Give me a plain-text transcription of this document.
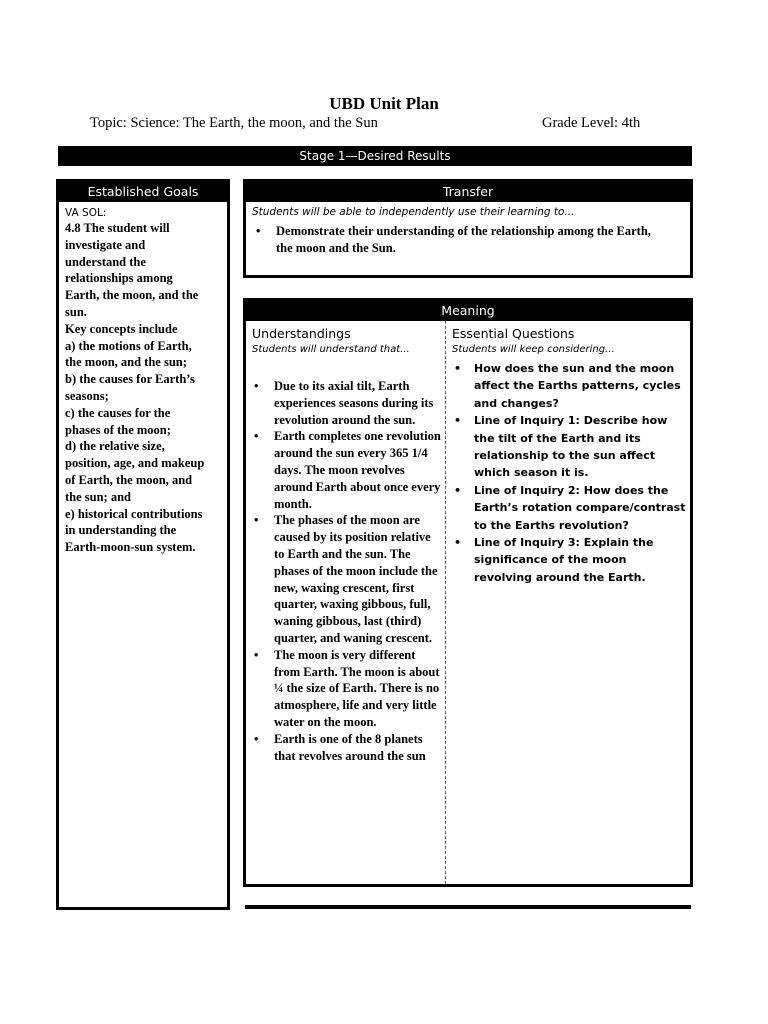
UBD Unit Plan
Topic: Science: The Earth, the moon, and the Sun	Grade Level: 4th
Stage 1—Desired Results
Established Goals
VA SOL:
4.8 The student will
investigate and
understand the
relationships among
Earth, the moon, and the
sun.
Key concepts include
a) the motions of Earth,
the moon, and the sun;
b) the causes for Earth’s
seasons;
c) the causes for the
phases of the moon;
d) the relative size,
position, age, and makeup
of Earth, the moon, and
the sun; and
e) historical contributions
in understanding the
Earth-moon-sun system.
Transfer
Students will be able to independently use their learning to...
• Demonstrate their understanding of the relationship among the Earth, the moon and the Sun.
Meaning
Understandings
Students will understand that...
• Due to its axial tilt, Earth experiences seasons during its revolution around the sun.
• Earth completes one revolution around the sun every 365 1/4 days. The moon revolves around Earth about once every month.
• The phases of the moon are caused by its position relative to Earth and the sun. The phases of the moon include the new, waxing crescent, first quarter, waxing gibbous, full, waning gibbous, last (third) quarter, and waning crescent.
• The moon is very different from Earth. The moon is about ¼ the size of Earth. There is no atmosphere, life and very little water on the moon.
• Earth is one of the 8 planets that revolves around the sun
Essential Questions
Students will keep considering...
• How does the sun and the moon affect the Earths patterns, cycles and changes?
• Line of Inquiry 1: Describe how the tilt of the Earth and its relationship to the sun affect which season it is.
• Line of Inquiry 2: How does the Earth’s rotation compare/contrast to the Earths revolution?
• Line of Inquiry 3: Explain the significance of the moon revolving around the Earth.
